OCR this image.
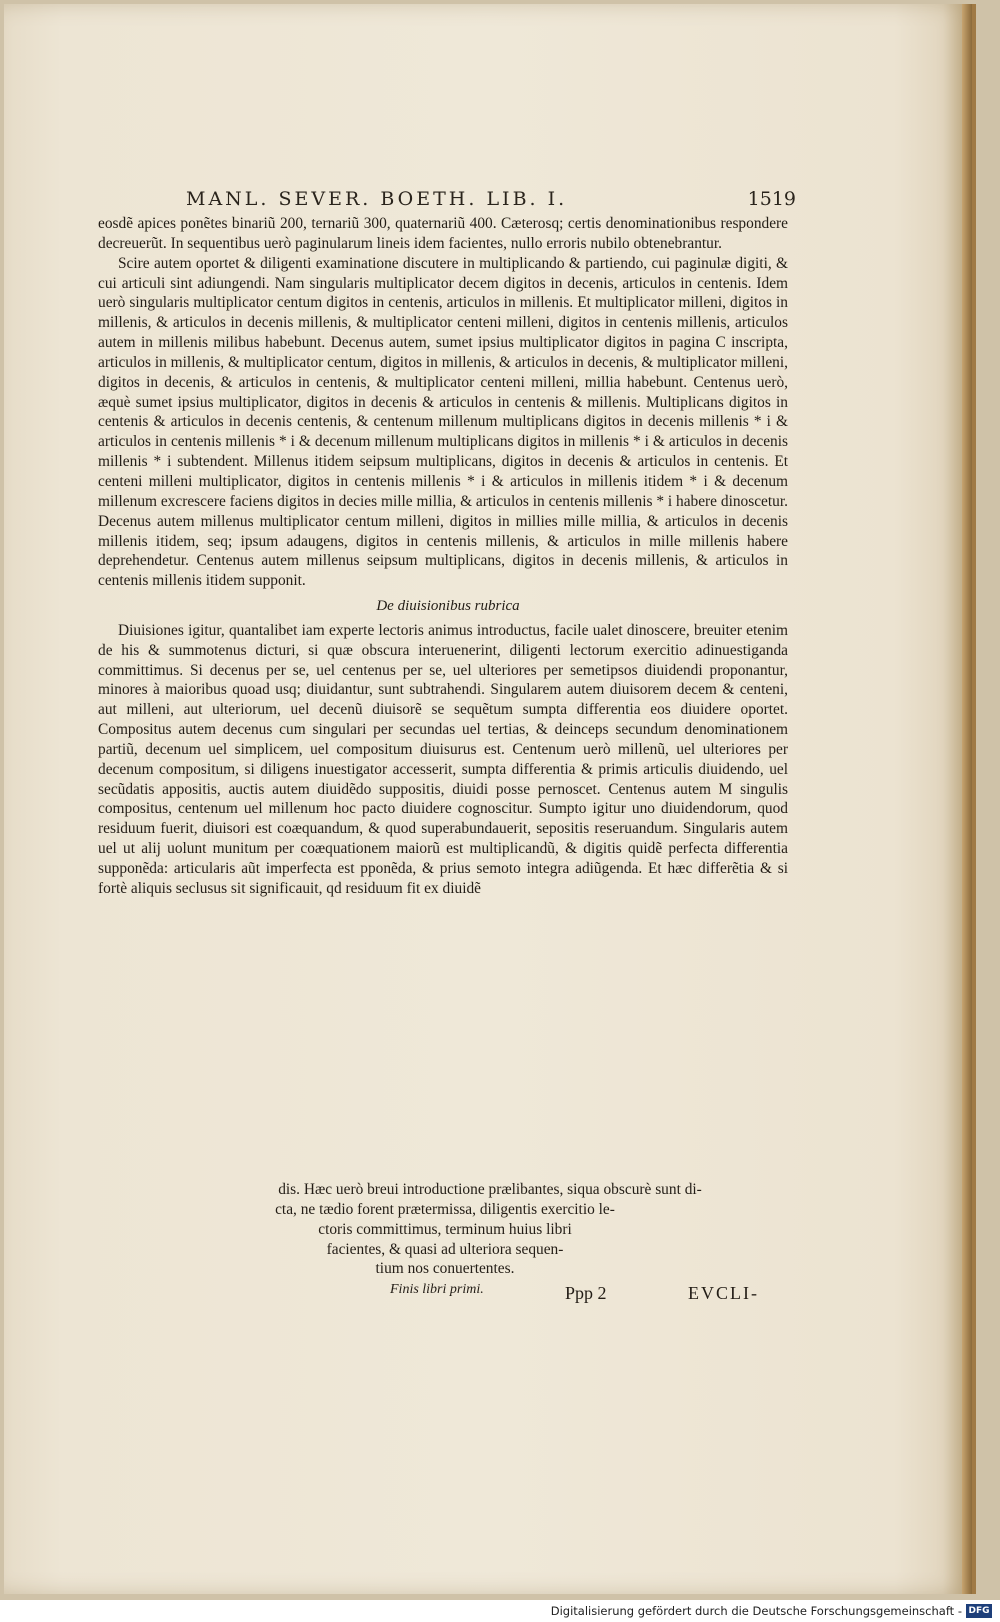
MANL. SEVER. BOETH. LIB. I.	1519

eosdẽ apices ponẽtes binariũ 200, ternariũ 300, quaternariũ 400. Cæterosq; certis denominationibus respondere decreuerũt. In sequentibus uerò paginularum lineis idem facientes, nullo erroris nubilo obtenebrantur.

Scire autem oportet & diligenti examinatione discutere in multiplicando & partiendo, cui paginulæ digiti, & cui articuli sint adiungendi. Nam singularis multiplicator decem digitos in decenis, articulos in centenis. Idem uerò singularis multiplicator centum digitos in centenis, articulos in millenis. Et multiplicator milleni, digitos in millenis, & articulos in decenis millenis, & multiplicator centeni milleni, digitos in centenis millenis, articulos autem in millenis milibus habebunt. Decenus autem, sumet ipsius multiplicator digitos in pagina C inscripta, articulos in millenis, & multiplicator centum, digitos in millenis, & articulos in decenis, & multiplicator milleni, digitos in decenis, & articulos in centenis, & multiplicator centeni milleni, millia habebunt. Centenus uerò, æquè sumet ipsius multiplicator, digitos in decenis & articulos in centenis & millenis. Multiplicans digitos in centenis & articulos in decenis centenis, & centenum millenum multiplicans digitos in decenis millenis * i & articulos in centenis millenis * i & decenum millenum multiplicans digitos in millenis * i & articulos in decenis millenis * i subtendent. Millenus itidem seipsum multiplicans, digitos in decenis & articulos in centenis. Et centeni milleni multiplicator, digitos in centenis millenis * i & articulos in millenis itidem * i & decenum millenum excrescere faciens digitos in decies mille millia, & articulos in centenis millenis * i habere dinoscetur. Decenus autem millenus multiplicator centum milleni, digitos in millies mille millia, & articulos in decenis millenis itidem, seq; ipsum adaugens, digitos in centenis millenis, & articulos in mille millenis habere deprehendetur. Centenus autem millenus seipsum multiplicans, digitos in decenis millenis, & articulos in centenis millenis itidem supponit.

De diuisionibus rubrica

Diuisiones igitur, quantalibet iam experte lectoris animus introductus, facile ualet dinoscere, breuiter etenim de his & summotenus dicturi, si quæ obscura interuenerint, diligenti lectorum exercitio adinuestiganda committimus. Si decenus per se, uel centenus per se, uel ulteriores per semetipsos diuidendi proponantur, minores à maioribus quoad usq; diuidantur, sunt subtrahendi. Singularem autem diuisorem decem & centeni, aut milleni, aut ulteriorum, uel decenũ diuisorẽ se sequẽtum sumpta differentia eos diuidere oportet. Compositus autem decenus cum singulari per secundas uel tertias, & deinceps secundum denominationem partiũ, decenum uel simplicem, uel compositum diuisurus est. Centenum uerò millenũ, uel ulteriores per decenum compositum, si diligens inuestigator accesserit, sumpta differentia & primis articulis diuidendo, uel secũdatis appositis, auctis autem diuidẽdo suppositis, diuidi posse pernoscet. Centenus autem M singulis compositus, centenum uel millenum hoc pacto diuidere cognoscitur. Sumpto igitur uno diuidendorum, quod residuum fuerit, diuisori est coæquandum, & quod superabundauerit, sepositis reseruandum. Singularis autem uel ut alij uolunt munitum per coæquationem maiorũ est multiplicandũ, & digitis quidẽ perfecta differentia supponẽda: articularis aũt imperfecta est pponẽda, & prius semoto integra adiũgenda. Et hæc differẽtia & si fortè aliquis seclusus sit significauit, qd residuum fit ex diuidẽ

dis. Hæc uerò breui introductione prælibantes, siqua obscurè sunt di-
cta, ne tædio forent prætermissa, diligentis exercitio le-
ctoris committimus, terminum huius libri
facientes, & quasi ad ulteriora sequen-
tium nos conuertentes.
Finis libri primi.	Ppp 2	EVCLI-
Digitalisierung gefördert durch die Deutsche Forschungsgemeinschaft - DFG
